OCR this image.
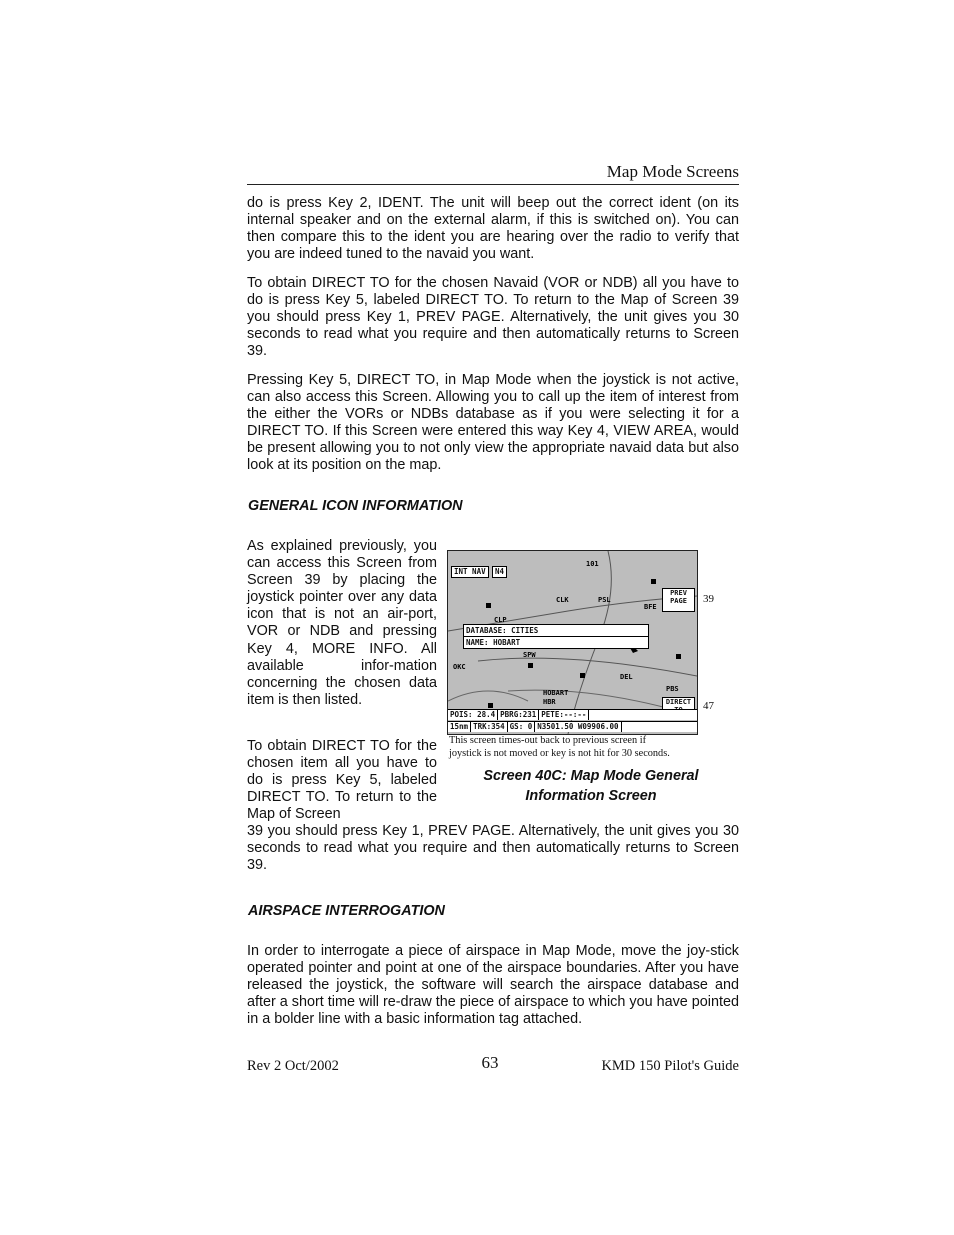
Map Mode Screens
do is press Key 2, IDENT. The unit will beep out the correct ident (on its internal speaker and on the external alarm, if this is switched on). You can then compare this to the ident you are hearing over the radio to verify that you are indeed tuned to the navaid you want.
To obtain DIRECT TO for the chosen Navaid (VOR or NDB) all you have to do is press Key 5, labeled DIRECT TO. To return to the Map of Screen 39 you should press Key 1, PREV PAGE. Alternatively, the unit gives you 30 seconds to read what you require and then automatically returns to Screen 39.
Pressing Key 5, DIRECT TO, in Map Mode when the joystick is not active, can also access this Screen. Allowing you to call up the item of interest from the either the VORs or NDBs database as if you were selecting it for a DIRECT TO. If this Screen were entered this way Key 4, VIEW AREA, would be present allowing you to not only view the appropriate navaid data but also look at its position on the map.
GENERAL ICON INFORMATION
As explained previously, you can access this Screen from Screen 39 by placing the joystick pointer over any data icon that is not an air-port, VOR or NDB and pressing Key 4, MORE INFO. All available infor-mation concerning the chosen data item is then listed.
To obtain DIRECT TO for the chosen item all you have to do is press Key 5, labeled DIRECT TO. To return to the Map of Screen
39 you should press Key 1, PREV PAGE. Alternatively, the unit gives you 30 seconds to read what you require and then automatically returns to Screen 39.
INT NAV	N4
101
CLK	PSL
BFE
CLP
SPW
OKC
PBS
HOBART
HBR
DEL
DATABASE: CITIES
NAME: HOBART
PREV
PAGE
DIRECT
POIS: 28.4 PBRG:231 PETE:--:--
15nm TRK:354 GS: 0 N3501.50 W09906.00
39
47
This screen times-out back to previous screen if
joystick is not moved or key is not hit for 30 seconds.
Screen 40C: Map Mode General
Information Screen
AIRSPACE INTERROGATION
In order to interrogate a piece of airspace in Map Mode, move the joy-stick operated pointer and point at one of the airspace boundaries. After you have released the joystick, the software will search the airspace database and after a short time will re-draw the piece of airspace to which you have pointed in a bolder line with a basic information tag attached.
Rev 2 Oct/2002	63	KMD 150 Pilot's Guide
